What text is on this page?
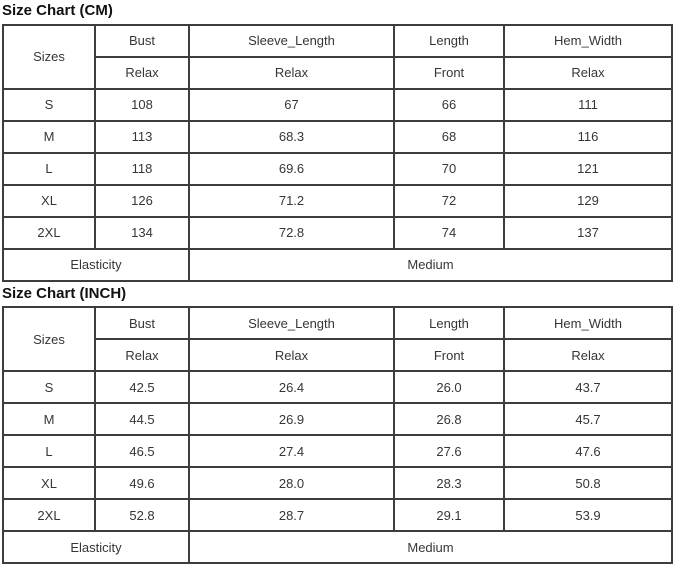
Size Chart (CM)
Sizes	Bust	Sleeve_Length	Length	Hem_Width
	Relax	Relax	Front	Relax
S	108	67	66	111
M	113	68.3	68	116
L	118	69.6	70	121
XL	126	71.2	72	129
2XL	134	72.8	74	137
Elasticity		Medium		
Size Chart (INCH)
Sizes	Bust	Sleeve_Length	Length	Hem_Width
	Relax	Relax	Front	Relax
S	42.5	26.4	26.0	43.7
M	44.5	26.9	26.8	45.7
L	46.5	27.4	27.6	47.6
XL	49.6	28.0	28.3	50.8
2XL	52.8	28.7	29.1	53.9
Elasticity		Medium		
